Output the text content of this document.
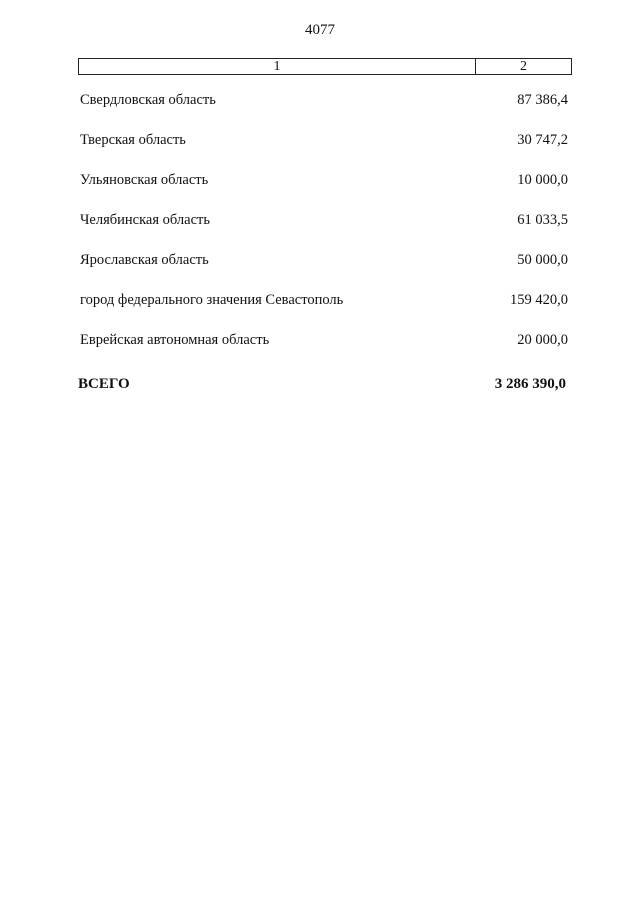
4077
1	2
Свердловская область	87 386,4
Тверская область	30 747,2
Ульяновская область	10 000,0
Челябинская область	61 033,5
Ярославская область	50 000,0
город федерального значения Севастополь	159 420,0
Еврейская автономная область	20 000,0
ВСЕГО	3 286 390,0
